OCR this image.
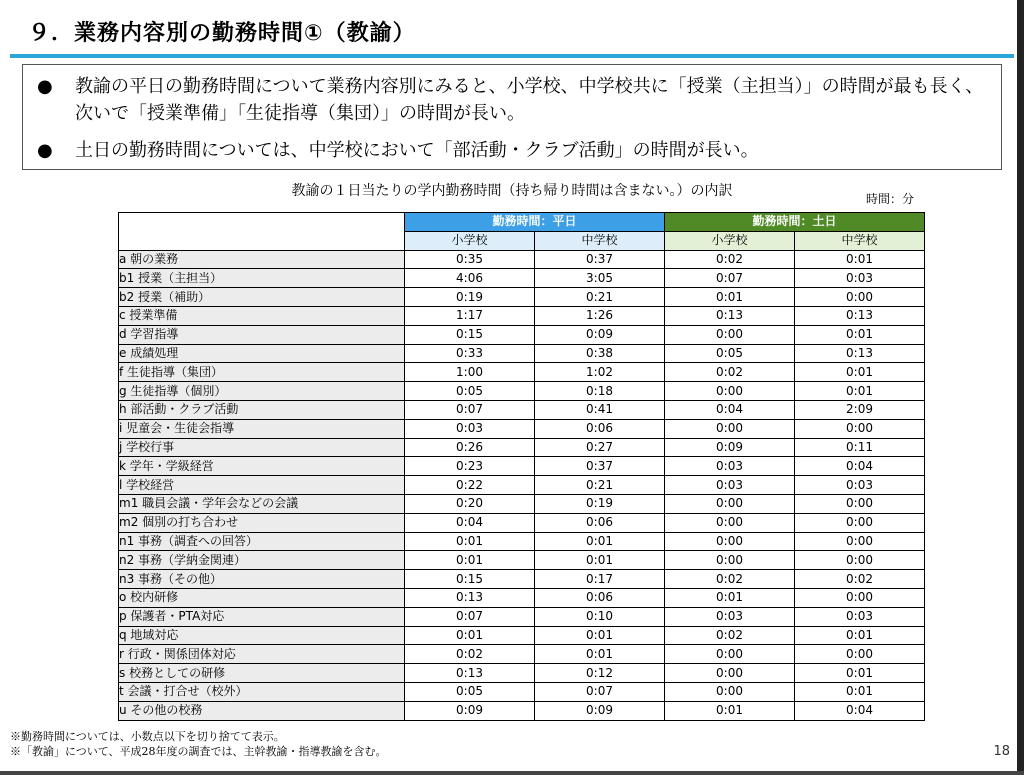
９．業務内容別の勤務時間①（教諭）
●	教諭の平日の勤務時間について業務内容別にみると、小学校、中学校共に「授業（主担当）」の時間が最も長く、次いで「授業準備」「生徒指導（集団）」の時間が長い。
●	土日の勤務時間については、中学校において「部活動・クラブ活動」の時間が長い。
教諭の１日当たりの学内勤務時間（持ち帰り時間は含まない。）の内訳	時間：分
	勤務時間：平日		勤務時間：土日	
	小学校	中学校	小学校	中学校
a 朝の業務	0:35	0:37	0:02	0:01
b1 授業（主担当）	4:06	3:05	0:07	0:03
b2 授業（補助）	0:19	0:21	0:01	0:00
c 授業準備	1:17	1:26	0:13	0:13
d 学習指導	0:15	0:09	0:00	0:01
e 成績処理	0:33	0:38	0:05	0:13
f 生徒指導（集団）	1:00	1:02	0:02	0:01
g 生徒指導（個別）	0:05	0:18	0:00	0:01
h 部活動・クラブ活動	0:07	0:41	0:04	2:09
i 児童会・生徒会指導	0:03	0:06	0:00	0:00
j 学校行事	0:26	0:27	0:09	0:11
k 学年・学級経営	0:23	0:37	0:03	0:04
l 学校経営	0:22	0:21	0:03	0:03
m1 職員会議・学年会などの会議	0:20	0:19	0:00	0:00
m2 個別の打ち合わせ	0:04	0:06	0:00	0:00
n1 事務（調査への回答）	0:01	0:01	0:00	0:00
n2 事務（学納金関連）	0:01	0:01	0:00	0:00
n3 事務（その他）	0:15	0:17	0:02	0:02
o 校内研修	0:13	0:06	0:01	0:00
p 保護者・PTA対応	0:07	0:10	0:03	0:03
q 地域対応	0:01	0:01	0:02	0:01
r 行政・関係団体対応	0:02	0:01	0:00	0:00
s 校務としての研修	0:13	0:12	0:00	0:01
t 会議・打合せ（校外）	0:05	0:07	0:00	0:01
u その他の校務	0:09	0:09	0:01	0:04
※勤務時間については、小数点以下を切り捨てて表示。
※「教諭」について、平成28年度の調査では、主幹教諭・指導教諭を含む。	18
